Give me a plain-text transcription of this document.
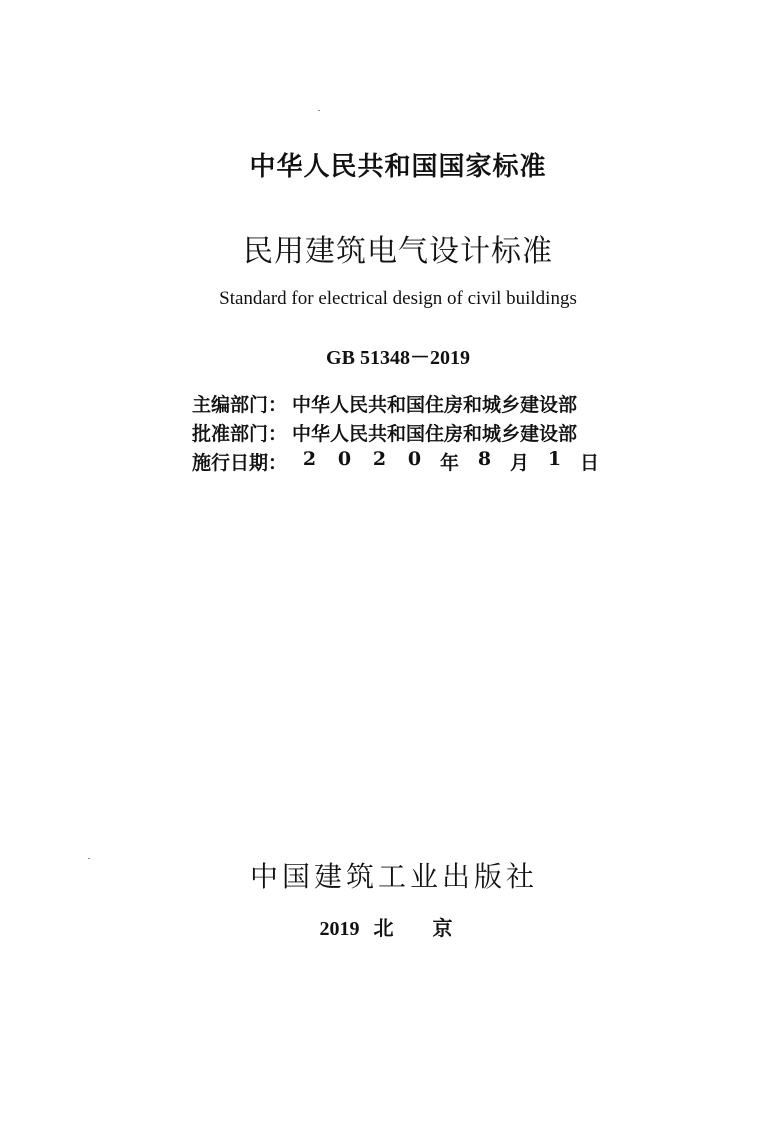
中华人民共和国国家标准
民用建筑电气设计标准
Standard for electrical design of civil buildings
GB 51348－2019
主编部门： 中华人民共和国住房和城乡建设部
批准部门： 中华人民共和国住房和城乡建设部
施行日期： 2	0	2	0 年 8 月 1 日
中国建筑工业出版社
2019 北 京
